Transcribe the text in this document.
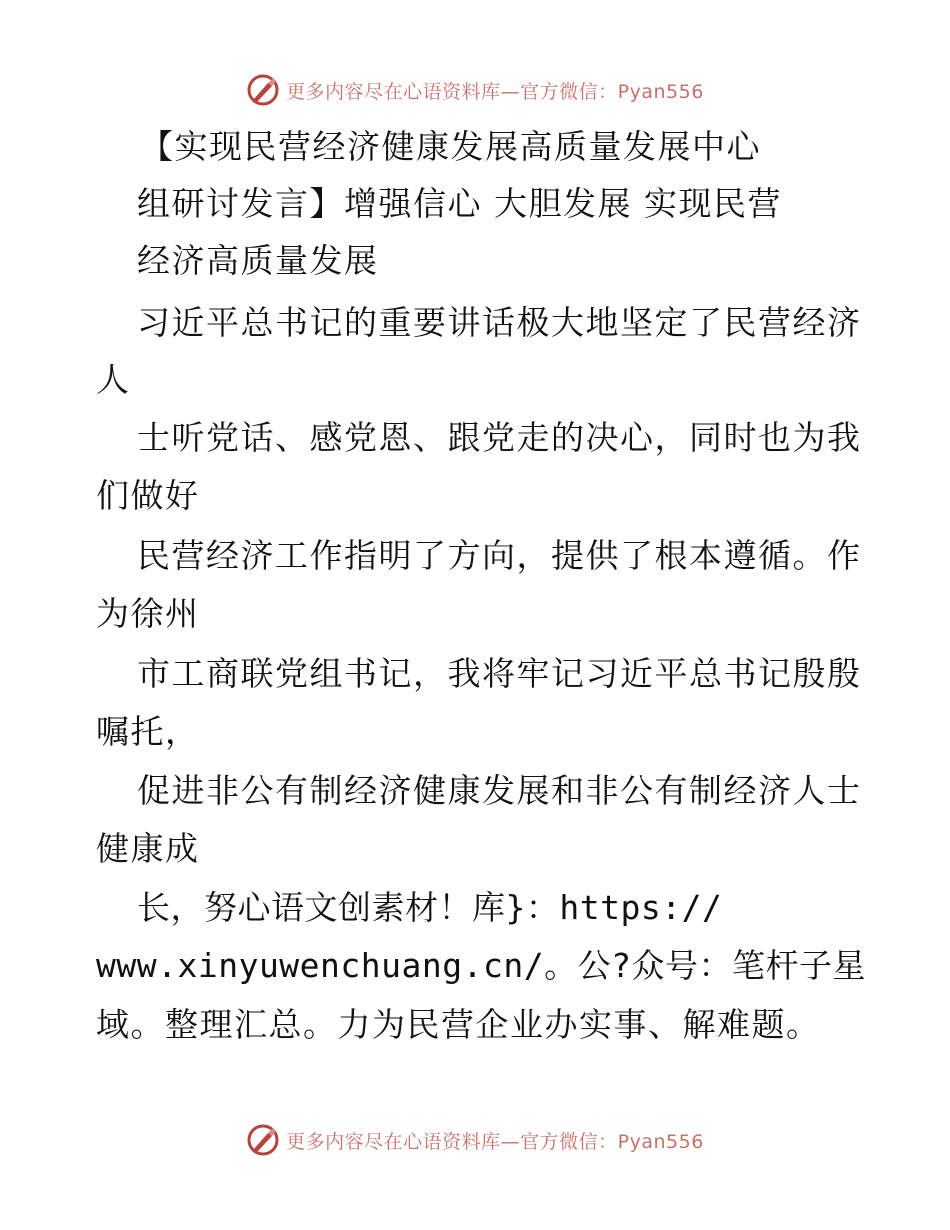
更多内容尽在心语资料库—官方微信：Pyan556
【实现民营经济健康发展高质量发展中心
组研讨发言】增强信心 大胆发展 实现民营
经济高质量发展
习近平总书记的重要讲话极大地坚定了民营经济
人
士听党话、感党恩、跟党走的决心，同时也为我
们做好
民营经济工作指明了方向，提供了根本遵循。作
为徐州
市工商联党组书记，我将牢记习近平总书记殷殷
嘱托，
促进非公有制经济健康发展和非公有制经济人士
健康成
长，努心语文创素材！库}：https://
www.xinyuwenchuang.cn/。公?众号：笔杆子星
域。整理汇总。力为民营企业办实事、解难题。
更多内容尽在心语资料库—官方微信：Pyan556
